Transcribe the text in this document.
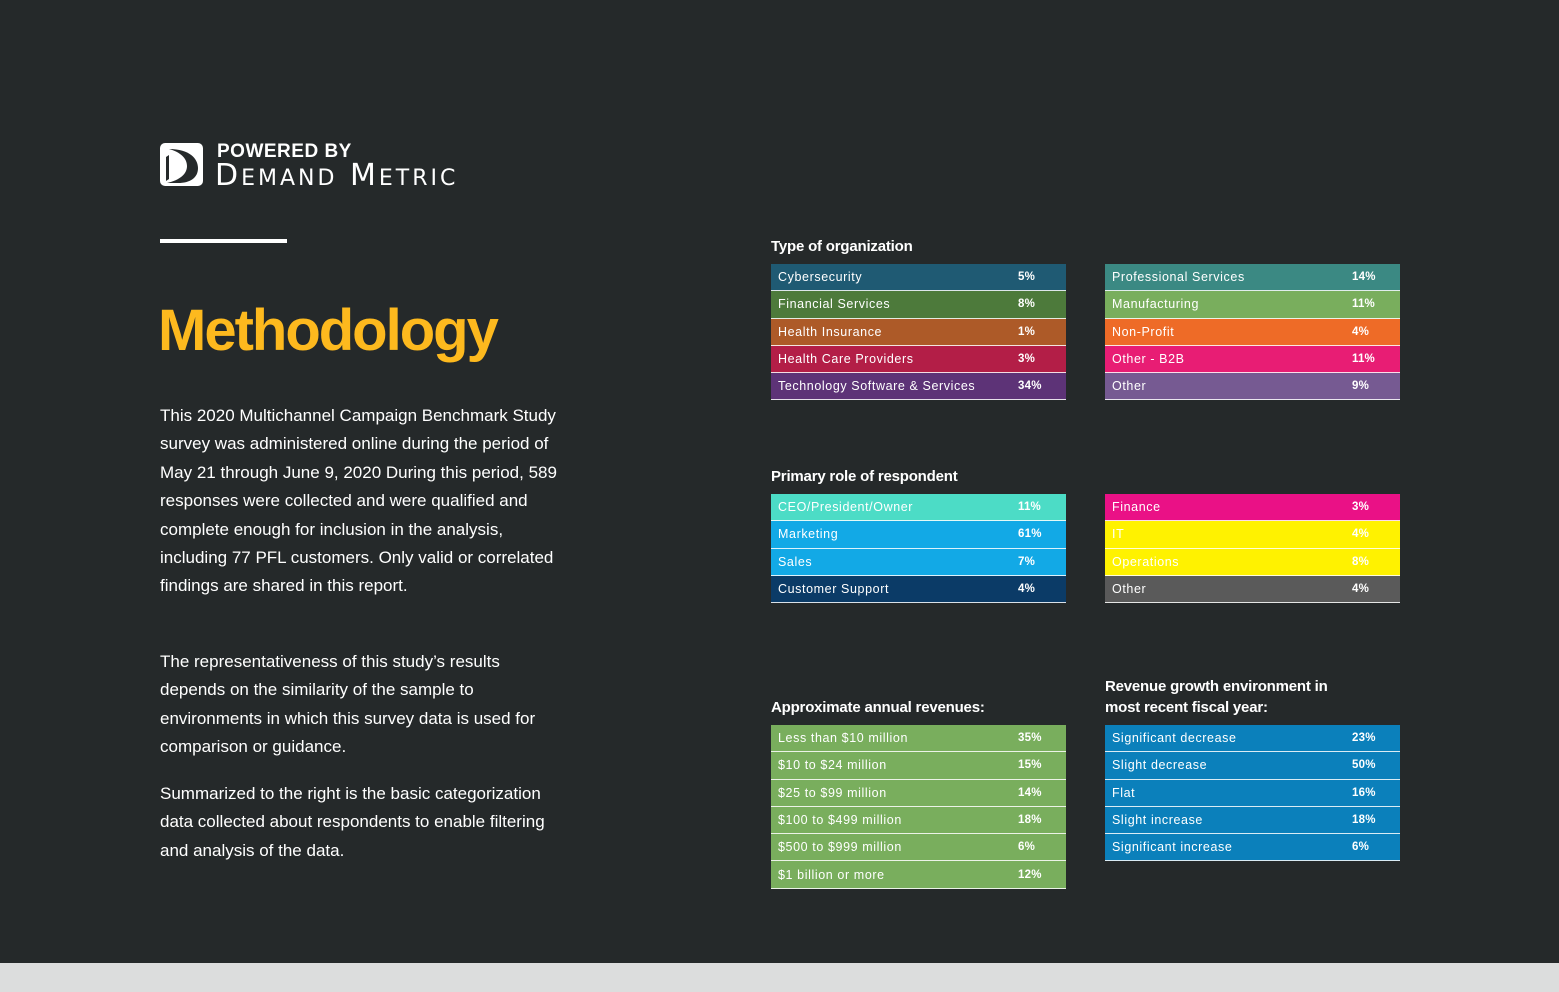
POWERED BY
DEMAND METRIC
Methodology

This 2020 Multichannel Campaign Benchmark Study survey was administered online during the period of May 21 through June 9, 2020 During this period, 589 responses were collected and were qualified and complete enough for inclusion in the analysis, including 77 PFL customers. Only valid or correlated findings are shared in this report.

The representativeness of this study’s results depends on the similarity of the sample to environments in which this survey data is used for comparison or guidance.

Summarized to the right is the basic categorization data collected about respondents to enable filtering and analysis of the data.

Type of organization
Cybersecurity	5%
Financial Services	8%
Health Insurance	1%
Health Care Providers	3%
Technology Software & Services	34%
Professional Services	14%
Manufacturing	11%
Non-Profit	4%
Other - B2B	11%
Other	9%
Primary role of respondent
CEO/President/Owner	11%
Marketing	61%
Sales	7%
Customer Support	4%
Finance	3%
IT	4%
Operations	8%
Other	4%
Approximate annual revenues:
Less than $10 million	35%
$10 to $24 million	15%
$25 to $99 million	14%
$100 to $499 million	18%
$500 to $999 million	6%
$1 billion or more	12%
Revenue growth environment in
most recent fiscal year:
Significant decrease	23%
Slight decrease	50%
Flat	16%
Slight increase	18%
Significant increase	6%
